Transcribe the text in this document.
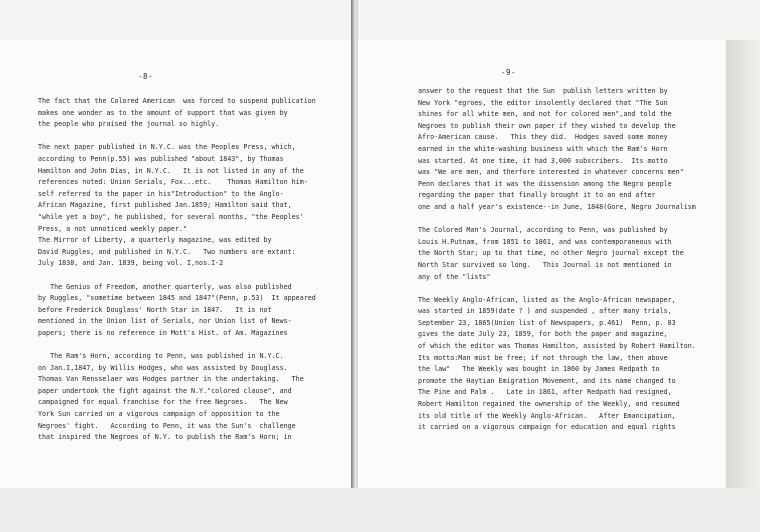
-8-
The fact that the Colored American  was forced to suspend publication
makes one wonder as to the amount of support that was given by
the people who praised the journal so highly.
The next paper published in N.Y.C. was the Peoples Press, which,
according to Penn(p.55) was published "about 1843", by Thomas
Hamilton and John Dias, in N.Y.C.   It is not listed in any of the
references noted: Union Serials, Fox...etc.    Thomas Hamilton him-
self referred to the paper in his"Introduction" to the Anglo-
African Magazine, first published Jan.1859; Hamilton said that,
"while yet a boy", he published, for several months, "the Peoples'
Press, a not unnoticed weekly paper."
The Mirror of Liberty, a quarterly magazine, was edited by
David Ruggles, and published in N.Y.C.   Two numbers are extant:
July 1838, and Jan. 1839, being vol. I,nos.I-2
The Genius of Freedom, another quarterly, was also published
by Ruggles, "sometime between 1845 and 1847"(Penn, p.53)  It appeared
before Frederick Douglass' North Star in 1847.   It is not
mentioned in the Union list of Serials, nor Union list of News-
papers; there is no reference in Mott's Hist. of Am. Magazines
The Ram's Horn, according to Penn, was published in N.Y.C.
on Jan.I,1847, by Willis Hodges, who was assisted by Douglass.
Thomas Van Rensselaer was Hodges partner in the undertaking.   The
paper undertook the fight against the N.Y."colored clause", and
campaigned for equal franchise for the free Negroes.   The New
York Sun carried on a vigorous campaign of opposition to the
Negroes' fight.   According to Penn, it was the Sun's  challenge
that inspired the Negroes of N.Y. to publish the Ram's Horn; in
-9-
answer to the request that the Sun  publish letters written by
New York "egroes, the editor insolently declared that "The Sun
shines for all white men, and not for colored men",and told the
Negroes to publish their own paper if they wished to develop the
Afro-American cause.   This they did.  Hodges saved some money
earned in the white-washing business with which the Ram's Horn
was started. At one time, it had 3,000 subscribers.  Its motto
was "We are men, and therfore interested in whatever concerns men"
Penn declares that it was the dissension among the Negro people
regarding the paper that finally brought it to an end after
one and a half year's existence--in June, 1848(Gore, Negro Journalism
The Colored Man's Journal, according to Penn, was published by
Louis H.Putnam, from 1851 to 1861, and was contemporaneous with
the North Star; up to that time, no other Negro journal except the
North Star survived so long.   This Journal is not mentioned in
any of the "lists"
The Weekly Anglo-African, listed as the Anglo-African newspaper,
was started in 1859(date ? ) and suspended , after many trials,
September 23, 1865(Union list of Newspapers, p.461)  Penn, p. 83
gives the date July 23, 1859, for both the paper and magazine,
of which the editor was Thomas Hamilton, assisted by Robert Hamilton.
Its motto:Man must be free; if not through the law, then above
the law"   The Weekly was bought in 1860 by James Redpath to
promote the Haytian Emigration Movement, and its name changed to
The Pine and Palm .   Late in 1861, after Redpath had resigned,
Robert Hamilton regained the ownership of the Weekly, and resumed
its old title of the Weekly Anglo-African.   After Emancipation,
it carried on a vigorous campaign for education and equal rights
